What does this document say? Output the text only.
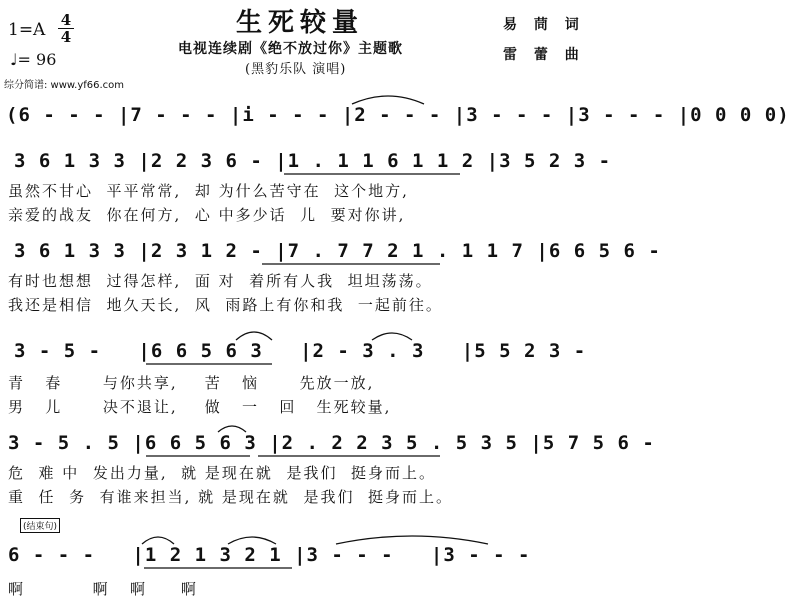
生死较量
$1=A \frac{4}{4}$
♩= 96
电视连续剧《绝不放过你》主题歌
(黑豹乐队 演唱)
易 茼 词
雷 蕾 曲
综分简谱: www.yf66.com
(6 - - - |7 - - - |i - - - |2 - - - |3 - - - |3 - - - |0 0 0 0)
3 6 1 3 3 |2 2 3 6 - |1 . 1 1 6 1 1 2 |3 5 2 3 -
虽然不甘心  平平常常,  却 为什么苦守在  这个地方,
亲爱的战友  你在何方,  心 中多少话  儿  要对你讲,
3 6 1 3 3 |2 3 1 2 - |7 . 7 7 2 1 . 1 1 7 |6 6 5 6 -
有时也想想  过得怎样,  面 对  着所有人我  坦坦荡荡。
我还是相信  地久天长,  风  雨路上有你和我  一起前往。
3 - 5 -   |6 6 5 6 3   |2 - 3 . 3   |5 5 2 3 -
青   春      与你共享,    苦   恼      先放一放,
男   儿      决不退让,    做   一   回   生死较量,
3 - 5 . 5 |6 6 5 6 3 |2 . 2 2 3 5 . 5 3 5 |5 7 5 6 -
危  难 中  发出力量,  就 是现在就  是我们  挺身而上。
重  任  务  有谁来担当, 就 是现在就  是我们  挺身而上。
(结束句)
6 - - -   |1 2 1 3 2 1 |3 - - -   |3 - - -
啊          啊   啊     啊
